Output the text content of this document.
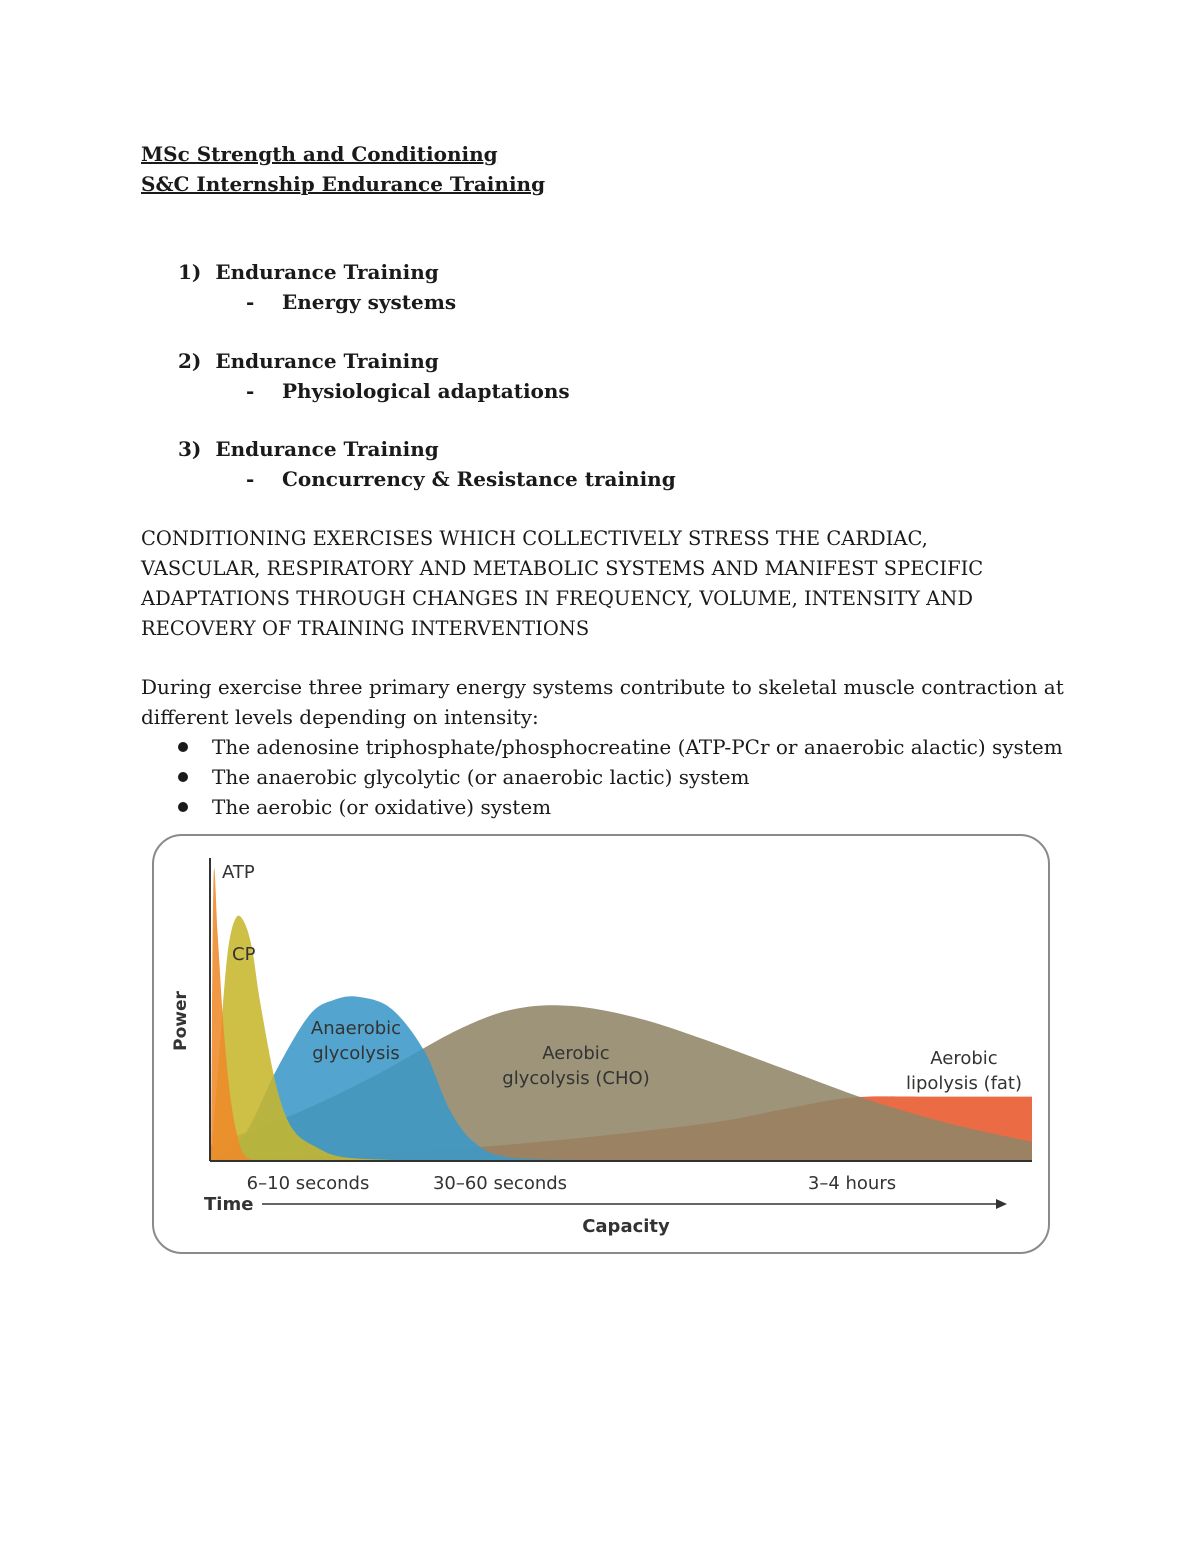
MSc Strength and Conditioning

S&C Internship Endurance Training

1) Endurance Training
- Energy systems
2) Endurance Training
- Physiological adaptations
3) Endurance Training
- Concurrency & Resistance training

CONDITIONING EXERCISES WHICH COLLECTIVELY STRESS THE CARDIAC,
VASCULAR, RESPIRATORY AND METABOLIC SYSTEMS AND MANIFEST SPECIFIC
ADAPTATIONS THROUGH CHANGES IN FREQUENCY, VOLUME, INTENSITY AND
RECOVERY OF TRAINING INTERVENTIONS

During exercise three primary energy systems contribute to skeletal muscle contraction at
different levels depending on intensity:

The adenosine triphosphate/phosphocreatine (ATP-PCr or anaerobic alactic) system
The anaerobic glycolytic (or anaerobic lactic) system
The aerobic (or oxidative) system
Power
Time
6–10 seconds	30–60 seconds	3–4 hours
Capacity
ATP
CP
Anaerobic
glycolysis	Aerobic
glycolysis (CHO)
Aerobic
lipolysis (fat)
